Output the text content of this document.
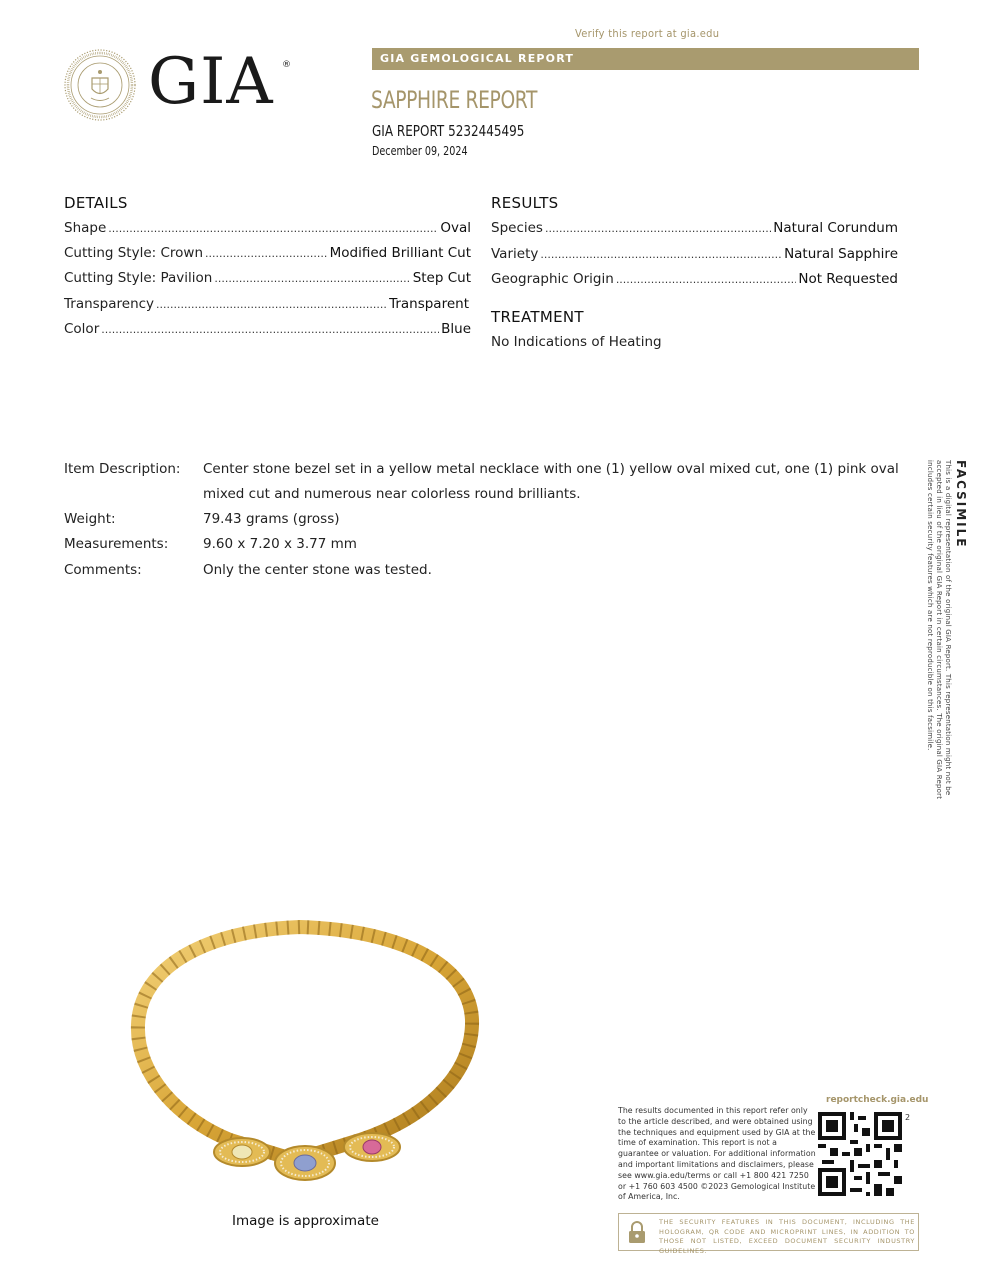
Verify this report at gia.edu
GIA ®	GIA GEMOLOGICAL REPORT
SAPPHIRE REPORT
GIA REPORT 5232445495
December 09, 2024
DETAILS
Shape .....	Oval
Cutting Style: Crown .....	Modified Brilliant Cut
Cutting Style: Pavilion .....	Step Cut
Transparency .....	Transparent
Color .....	Blue
RESULTS
Species .....	Natural Corundum
Variety .....	Natural Sapphire
Geographic Origin .....	Not Requested
TREATMENT
No Indications of Heating
Item Description: Center stone bezel set in a yellow metal necklace with one (1) yellow oval mixed cut, one (1) pink oval mixed cut and numerous near colorless round brilliants.
Weight:	79.43 grams (gross)
Measurements:	9.60 x 7.20 x 3.77 mm
Comments:	Only the center stone was tested.
FACSIMILE
This is a digital representation of the original GIA Report. This representation might not be accepted in lieu of the original GIA Report in certain circumstances. The original GIA Report includes certain security features which are not reproducible on this facsimile.
Image is approximate
The results documented in this report refer only to the article described, and were obtained using the techniques and equipment used by GIA at the time of examination. This report is not a guarantee or valuation. For additional information and important limitations and disclaimers, please see www.gia.edu/terms or call +1 800 421 7250 or +1 760 603 4500 ©2023 Gemological Institute of America, Inc.
reportcheck.gia.edu
2
THE SECURITY FEATURES IN THIS DOCUMENT, INCLUDING THE HOLOGRAM, QR CODE AND MICROPRINT LINES, IN ADDITION TO THOSE NOT LISTED, EXCEED DOCUMENT SECURITY INDUSTRY GUIDELINES.
